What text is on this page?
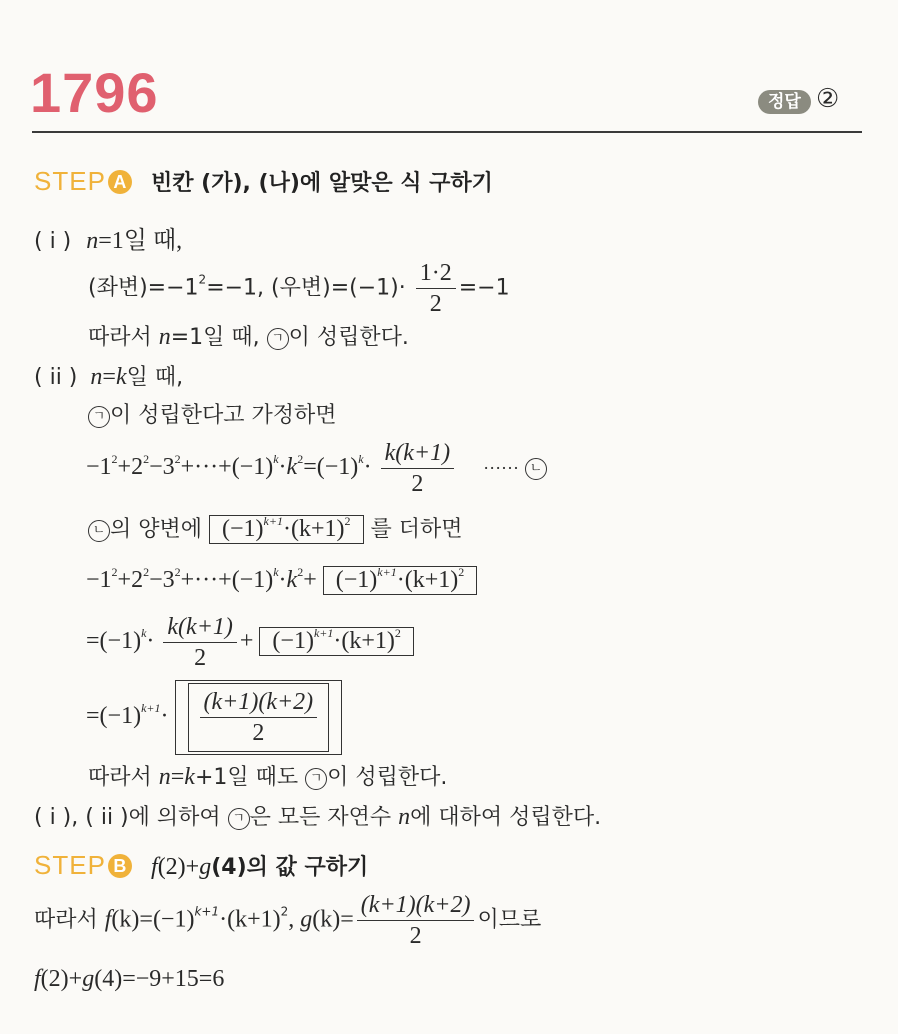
1796	정답 ②
STEP A 빈칸 (가), (나)에 알맞은 식 구하기
( i ) n=1일 때,
(좌변)$=-1^2=-1$, (우변)$=(-1)\cdot \frac{1\cdot 2}{2} =-1$
따라서 n=1일 때, ㄱ 이 성립한다.
( ii ) n=k일 때,
ㄱ 이 성립한다고 가정하면
$-1^2+2^2-3^2+\cdot\cdot\cdot+(-1)^k\cdot k^2=(-1)^k\cdot \frac{k(k+1)}{2}$ ······ ㄴ
ㄴ 의 양변에 $(-1)^{k+1}\cdot(k+1)^2$ 를 더하면
$-1^2+2^2-3^2+\cdot\cdot\cdot+(-1)^k\cdot k^2+ (-1)^{k+1}\cdot(k+1)^2$
$=(-1)^k\cdot \frac{k(k+1)}{2} + (-1)^{k+1}\cdot(k+1)^2$
$=(-1)^{k+1}\cdot \frac{(k+1)(k+2)}{2}$
따라서 n=k+1일 때도 ㄱ 이 성립한다.
( i ), ( ii )에 의하여 ㄱ 은 모든 자연수 n에 대하여 성립한다.
STEP B f(2)+g(4)의 값 구하기
따라서 $f(k)=(-1)^{k+1}\cdot(k+1)^2$, $g(k)= \frac{(k+1)(k+2)}{2}$ 이므로
f(2)+g(4)=−9+15=6
